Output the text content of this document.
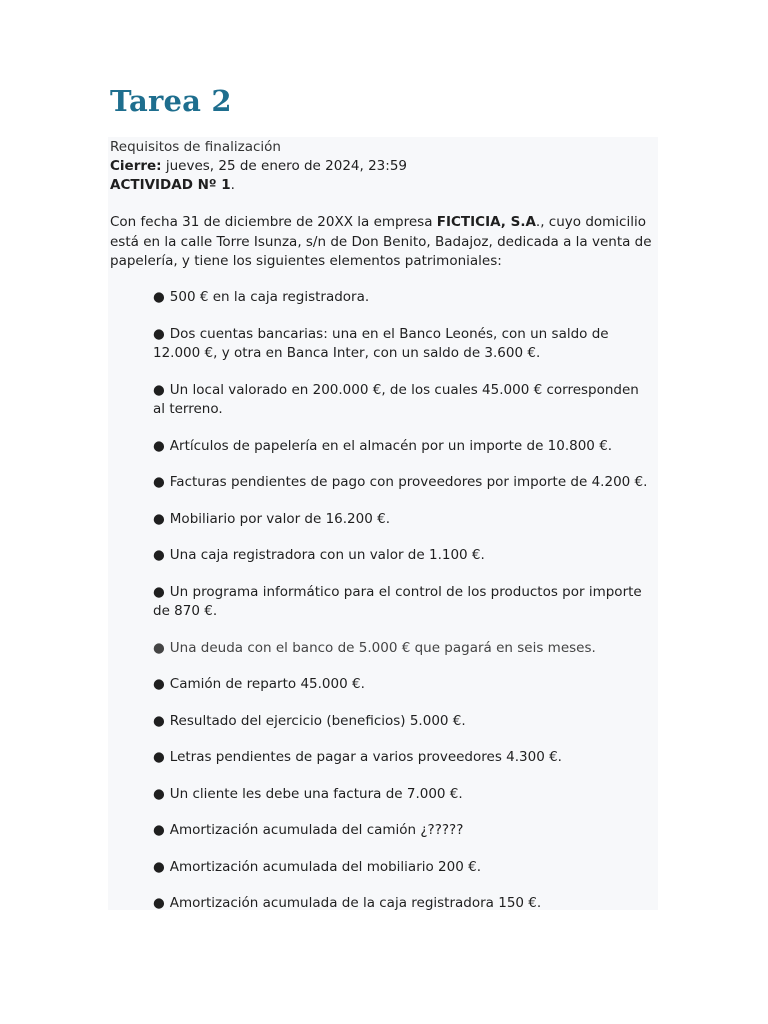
Tarea 2
Requisitos de finalización
Cierre: jueves, 25 de enero de 2024, 23:59
ACTIVIDAD Nº 1.

Con fecha 31 de diciembre de 20XX la empresa FICTICIA, S.A., cuyo domicilio está en la calle Torre Isunza, s/n de Don Benito, Badajoz, dedicada a la venta de papelería, y tiene los siguientes elementos patrimoniales:

● 500 € en la caja registradora.
● Dos cuentas bancarias: una en el Banco Leonés, con un saldo de 12.000 €, y otra en Banca Inter, con un saldo de 3.600 €.
● Un local valorado en 200.000 €, de los cuales 45.000 € corresponden al terreno.
● Artículos de papelería en el almacén por un importe de 10.800 €.
● Facturas pendientes de pago con proveedores por importe de 4.200 €.
● Mobiliario por valor de 16.200 €.
● Una caja registradora con un valor de 1.100 €.
● Un programa informático para el control de los productos por importe de 870 €.
● Una deuda con el banco de 5.000 € que pagará en seis meses.
● Camión de reparto 45.000 €.
● Resultado del ejercicio (beneficios) 5.000 €.
● Letras pendientes de pagar a varios proveedores 4.300 €.
● Un cliente les debe una factura de 7.000 €.
● Amortización acumulada del camión ¿?????
● Amortización acumulada del mobiliario 200 €.
● Amortización acumulada de la caja registradora 150 €.
